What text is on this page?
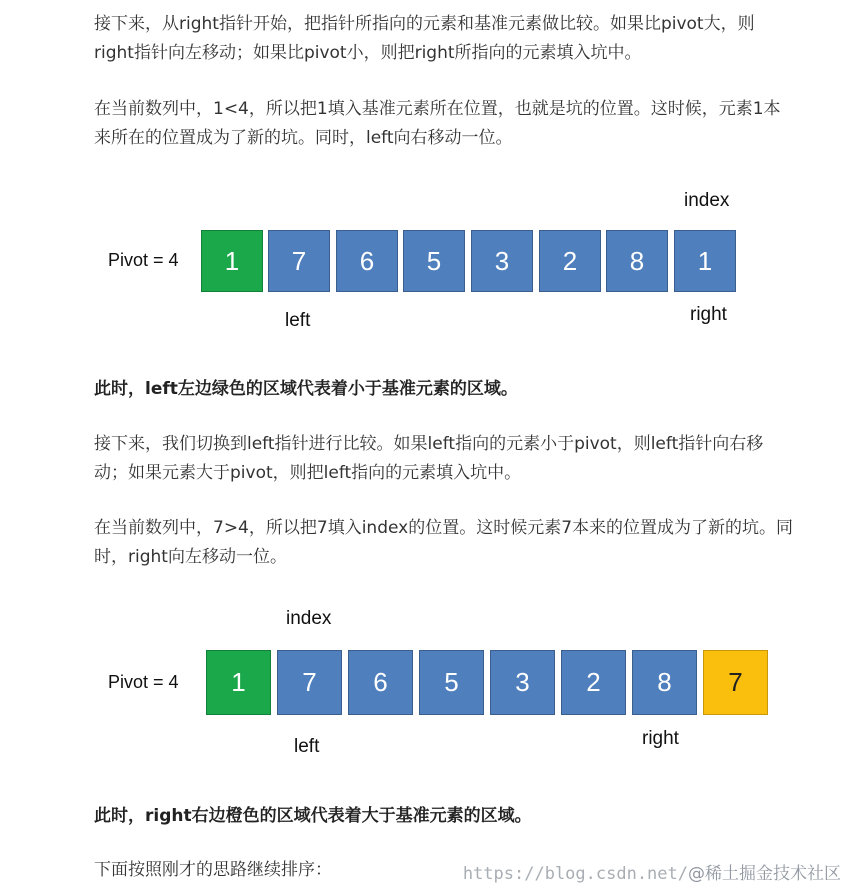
接下来，从right指针开始，把指针所指向的元素和基准元素做比较。如果比pivot大，则right指针向左移动；如果比pivot小，则把right所指向的元素填入坑中。

在当前数列中，1<4，所以把1填入基准元素所在位置，也就是坑的位置。这时候，元素1本来所在的位置成为了新的坑。同时，left向右移动一位。

Pivot = 4
index
1	7	6	5	3	2	8	1
left	right

此时，left左边绿色的区域代表着小于基准元素的区域。

接下来，我们切换到left指针进行比较。如果left指向的元素小于pivot，则left指针向右移动；如果元素大于pivot，则把left指向的元素填入坑中。

在当前数列中，7>4，所以把7填入index的位置。这时候元素7本来的位置成为了新的坑。同时，right向左移动一位。

index
Pivot = 4	1	7	6	5	3	2	8	7
left	right

此时，right右边橙色的区域代表着大于基准元素的区域。

下面按照刚才的思路继续排序：	https://blog.csdn.net/@稀土掘金技术社区
